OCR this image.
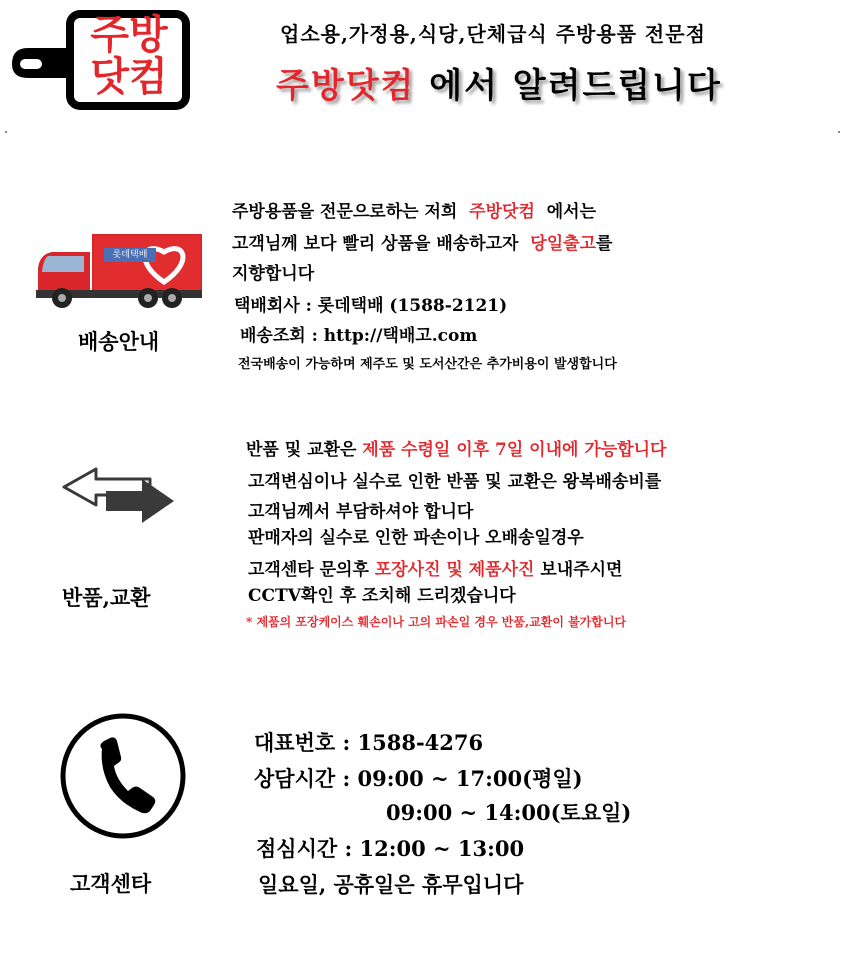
주방
닷컴
업소용,가정용,식당,단체급식 주방용품 전문점
주방닷컴 에서 알려드립니다
롯데택배
배송안내
주방용품을 전문으로하는 저희 주방닷컴 에서는
고객님께 보다 빨리 상품을 배송하고자 당일출고를
지향합니다
택배회사 : 롯데택배 (1588-2121)
배송조회 : http://택배고.com
전국배송이 가능하며 제주도 및 도서산간은 추가비용이 발생합니다
반품,교환
반품 및 교환은 제품 수령일 이후 7일 이내에 가능합니다
고객변심이나 실수로 인한 반품 및 교환은 왕복배송비를
고객님께서 부담하셔야 합니다
판매자의 실수로 인한 파손이나 오배송일경우
고객센타 문의후 포장사진 및 제품사진 보내주시면
CCTV확인 후 조치해 드리겠습니다
* 제품의 포장케이스 훼손이나 고의 파손일 경우 반품,교환이 불가합니다
고객센타
대표번호 : 1588-4276
상담시간 : 09:00 ~ 17:00(평일)
09:00 ~ 14:00(토요일)
점심시간 : 12:00 ~ 13:00
일요일, 공휴일은 휴무입니다
